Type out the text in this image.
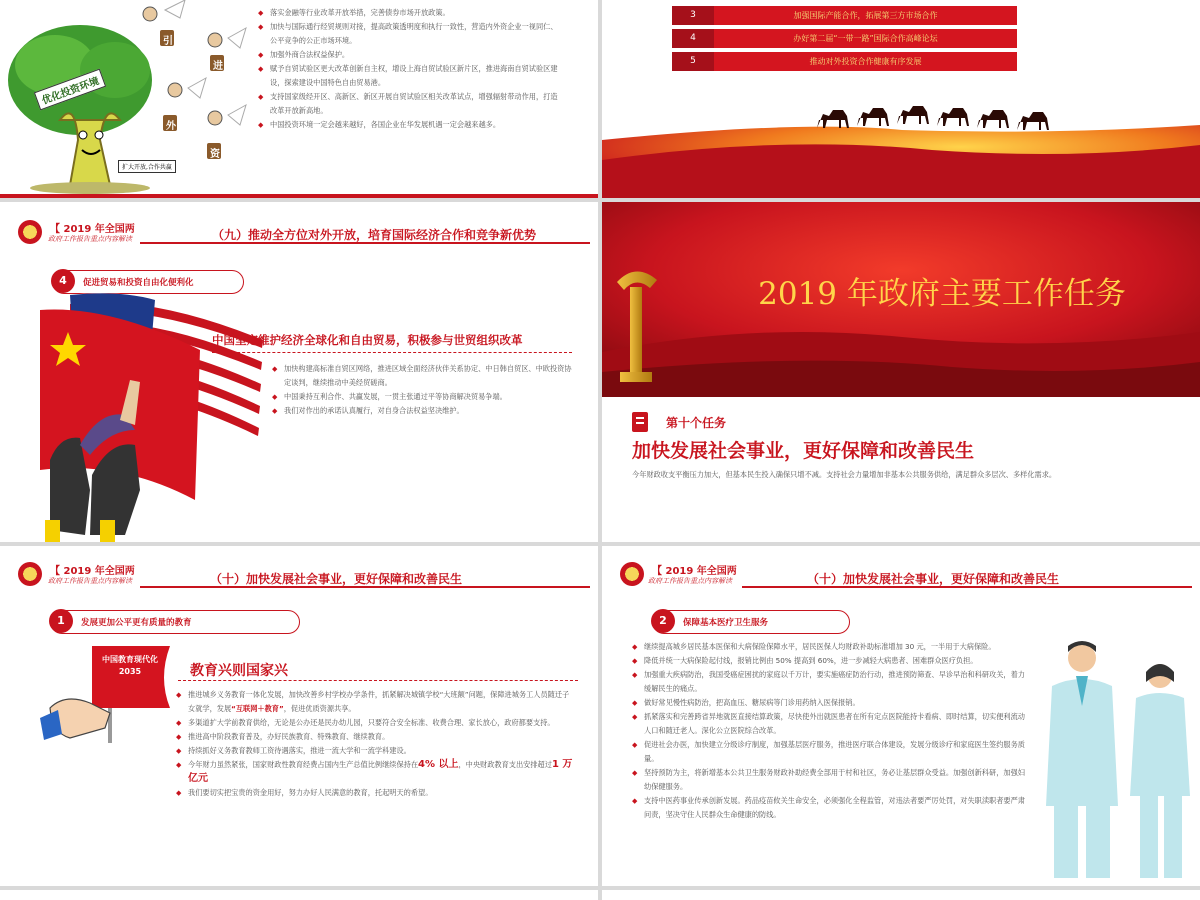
优化投资环境
扩大开放,合作共赢
引
进
外
资

◆ 落实金融等行业改革开放举措，完善债券市场开放政策。

◆ 加快与国际通行经贸规则对接，提高政策透明度和执行一致性，营造内外资企业一视同仁、公平竞争的公正市场环境。

◆ 加强外商合法权益保护。

◆ 赋予自贸试验区更大改革创新自主权，增设上海自贸试验区新片区，推进海南自贸试验区建设，探索建设中国特色自由贸易港。

◆ 支持国家级经开区、高新区、新区开展自贸试验区相关改革试点，增强辐射带动作用，打造改革开放新高地。

◆ 中国投资环境一定会越来越好，各国企业在华发展机遇一定会越来越多。

3	加强国际产能合作，拓展第三方市场合作
4	办好第二届“一带一路”国际合作高峰论坛
5	推动对外投资合作健康有序发展
【 2019 年全国两
政府工作报告重点内容解读	（九）推动全方位对外开放，培育国际经济合作和竞争新优势
4	促进贸易和投资自由化便利化
中国坚定维护经济全球化和自由贸易，积极参与世贸组织改革

◆ 加快构建高标准自贸区网络，推进区域全面经济伙伴关系协定、中日韩自贸区、中欧投资协定谈判，继续推动中美经贸磋商。

◆ 中国秉持互利合作、共赢发展，一贯主张通过平等协商解决贸易争端。

◆ 我们对作出的承诺认真履行，对自身合法权益坚决维护。

2019 年政府主要工作任务
第十个任务
加快发展社会事业，更好保障和改善民生
今年财政收支平衡压力加大，但基本民生投入确保只增不减。支持社会力量增加非基本公共服务供给，满足群众多层次、多样化需求。
【 2019 年全国两
政府工作报告重点内容解读	（十）加快发展社会事业，更好保障和改善民生
1	发展更加公平更有质量的教育
中国教育现代化 2035	教育兴则国家兴

◆ 推进城乡义务教育一体化发展，加快改善乡村学校办学条件，抓紧解决城镇学校“大班额”问题，保障进城务工人员随迁子女就学，发展“互联网＋教育”，促进优质资源共享。

◆ 多渠道扩大学前教育供给，无论是公办还是民办幼儿园，只要符合安全标准、收费合理、家长放心，政府都要支持。

◆ 推进高中阶段教育普及，办好民族教育、特殊教育、继续教育。

◆ 持续抓好义务教育教师工资待遇落实，推进一流大学和一流学科建设。

◆ 今年财力虽然紧张，国家财政性教育经费占国内生产总值比例继续保持在4% 以上，中央财政教育支出安排超过1 万亿元

◆ 我们要切实把宝贵的资金用好，努力办好人民满意的教育，托起明天的希望。

【 2019 年全国两
政府工作报告重点内容解读	（十）加快发展社会事业，更好保障和改善民生
2	保障基本医疗卫生服务

◆ 继续提高城乡居民基本医保和大病保险保障水平，居民医保人均财政补助标准增加 30 元，一半用于大病保险。

◆ 降低并统一大病保险起付线，报销比例由 50% 提高到 60%，进一步减轻大病患者、困难群众医疗负担。

◆ 加强重大疾病防治，我国受癌症困扰的家庭以千万计，要实施癌症防治行动，推进预防筛查、早诊早治和科研攻关，着力缓解民生的痛点。

◆ 做好常见慢性病防治，把高血压、糖尿病等门诊用药纳入医保报销。

◆ 抓紧落实和完善跨省异地就医直接结算政策，尽快使外出就医患者在所有定点医院能持卡看病、即时结算，切实便利流动人口和随迁老人。深化公立医院综合改革。

◆ 促进社会办医，加快建立分级诊疗制度，加强基层医疗服务，推进医疗联合体建设，发展分级诊疗和家庭医生签约服务质量。

◆ 坚持预防为主，将新增基本公共卫生服务财政补助经费全部用于村和社区，务必让基层群众受益。加强创新科研，加强妇幼保健服务。

◆ 支持中医药事业传承创新发展。药品疫苗攸关生命安全，必须强化全程监管，对违法者要严厉处罚，对失职渎职者要严肃问责，坚决守住人民群众生命健康的防线。
